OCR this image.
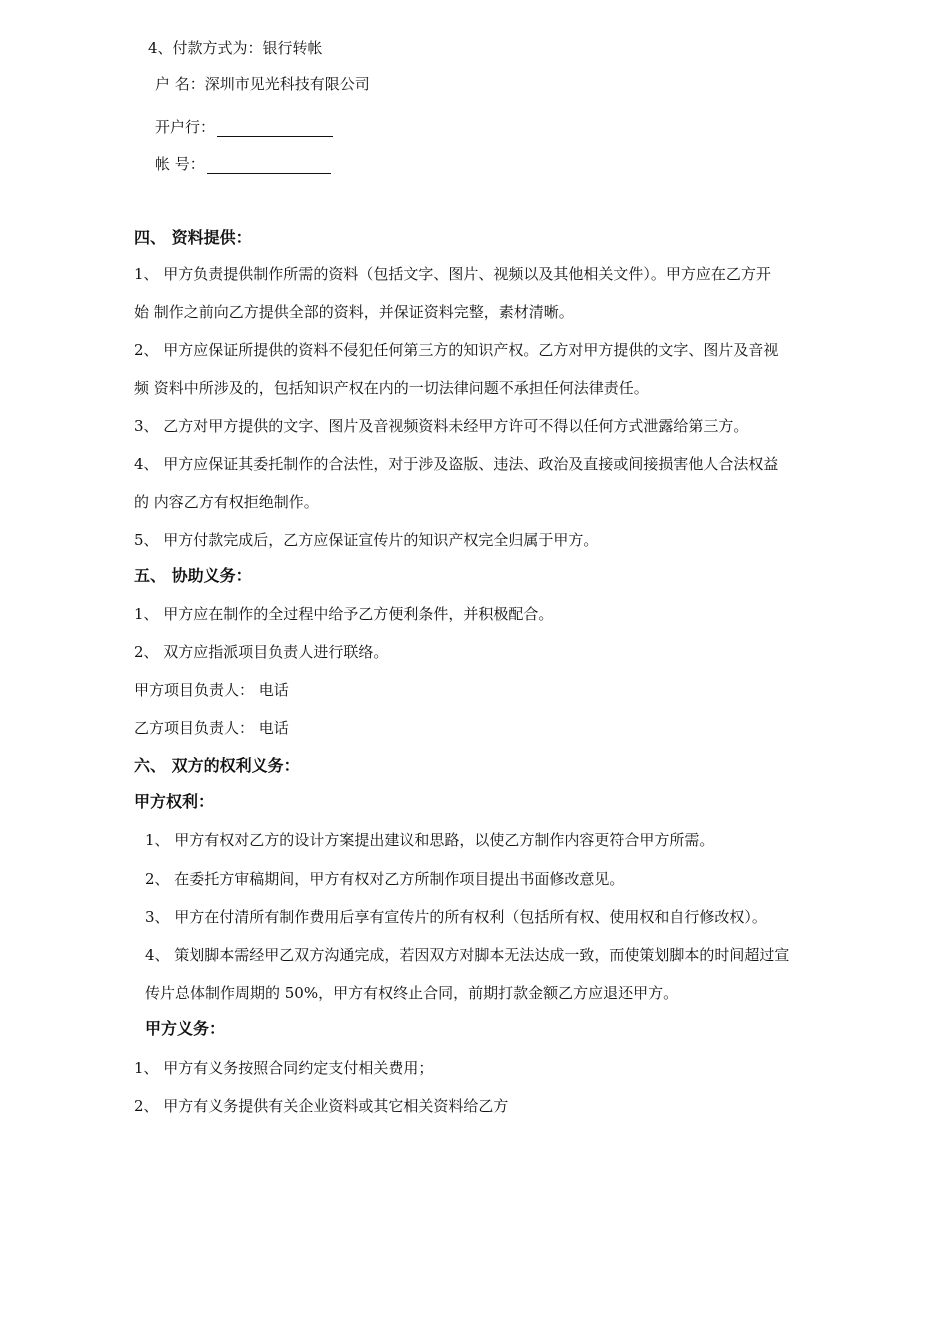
4、付款方式为：银行转帐
户 名：深圳市见光科技有限公司
开户行：
帐 号：
四、 资料提供：
1、 甲方负责提供制作所需的资料（包括文字、图片、视频以及其他相关文件）。甲方应在乙方开
始 制作之前向乙方提供全部的资料，并保证资料完整，素材清晰。
2、 甲方应保证所提供的资料不侵犯任何第三方的知识产权。乙方对甲方提供的文字、图片及音视
频 资料中所涉及的，包括知识产权在内的一切法律问题不承担任何法律责任。
3、 乙方对甲方提供的文字、图片及音视频资料未经甲方许可不得以任何方式泄露给第三方。
4、 甲方应保证其委托制作的合法性，对于涉及盗版、违法、政治及直接或间接损害他人合法权益
的 内容乙方有权拒绝制作。
5、 甲方付款完成后，乙方应保证宣传片的知识产权完全归属于甲方。
五、 协助义务：
1、 甲方应在制作的全过程中给予乙方便利条件，并积极配合。
2、 双方应指派项目负责人进行联络。
甲方项目负责人： 电话
乙方项目负责人： 电话
六、 双方的权利义务：
甲方权利：
1、 甲方有权对乙方的设计方案提出建议和思路，以使乙方制作内容更符合甲方所需。
2、 在委托方审稿期间，甲方有权对乙方所制作项目提出书面修改意见。
3、 甲方在付清所有制作费用后享有宣传片的所有权利（包括所有权、使用权和自行修改权）。
4、 策划脚本需经甲乙双方沟通完成，若因双方对脚本无法达成一致，而使策划脚本的时间超过宣
传片总体制作周期的 50%，甲方有权终止合同，前期打款金额乙方应退还甲方。
甲方义务：
1、 甲方有义务按照合同约定支付相关费用；
2、 甲方有义务提供有关企业资料或其它相关资料给乙方
